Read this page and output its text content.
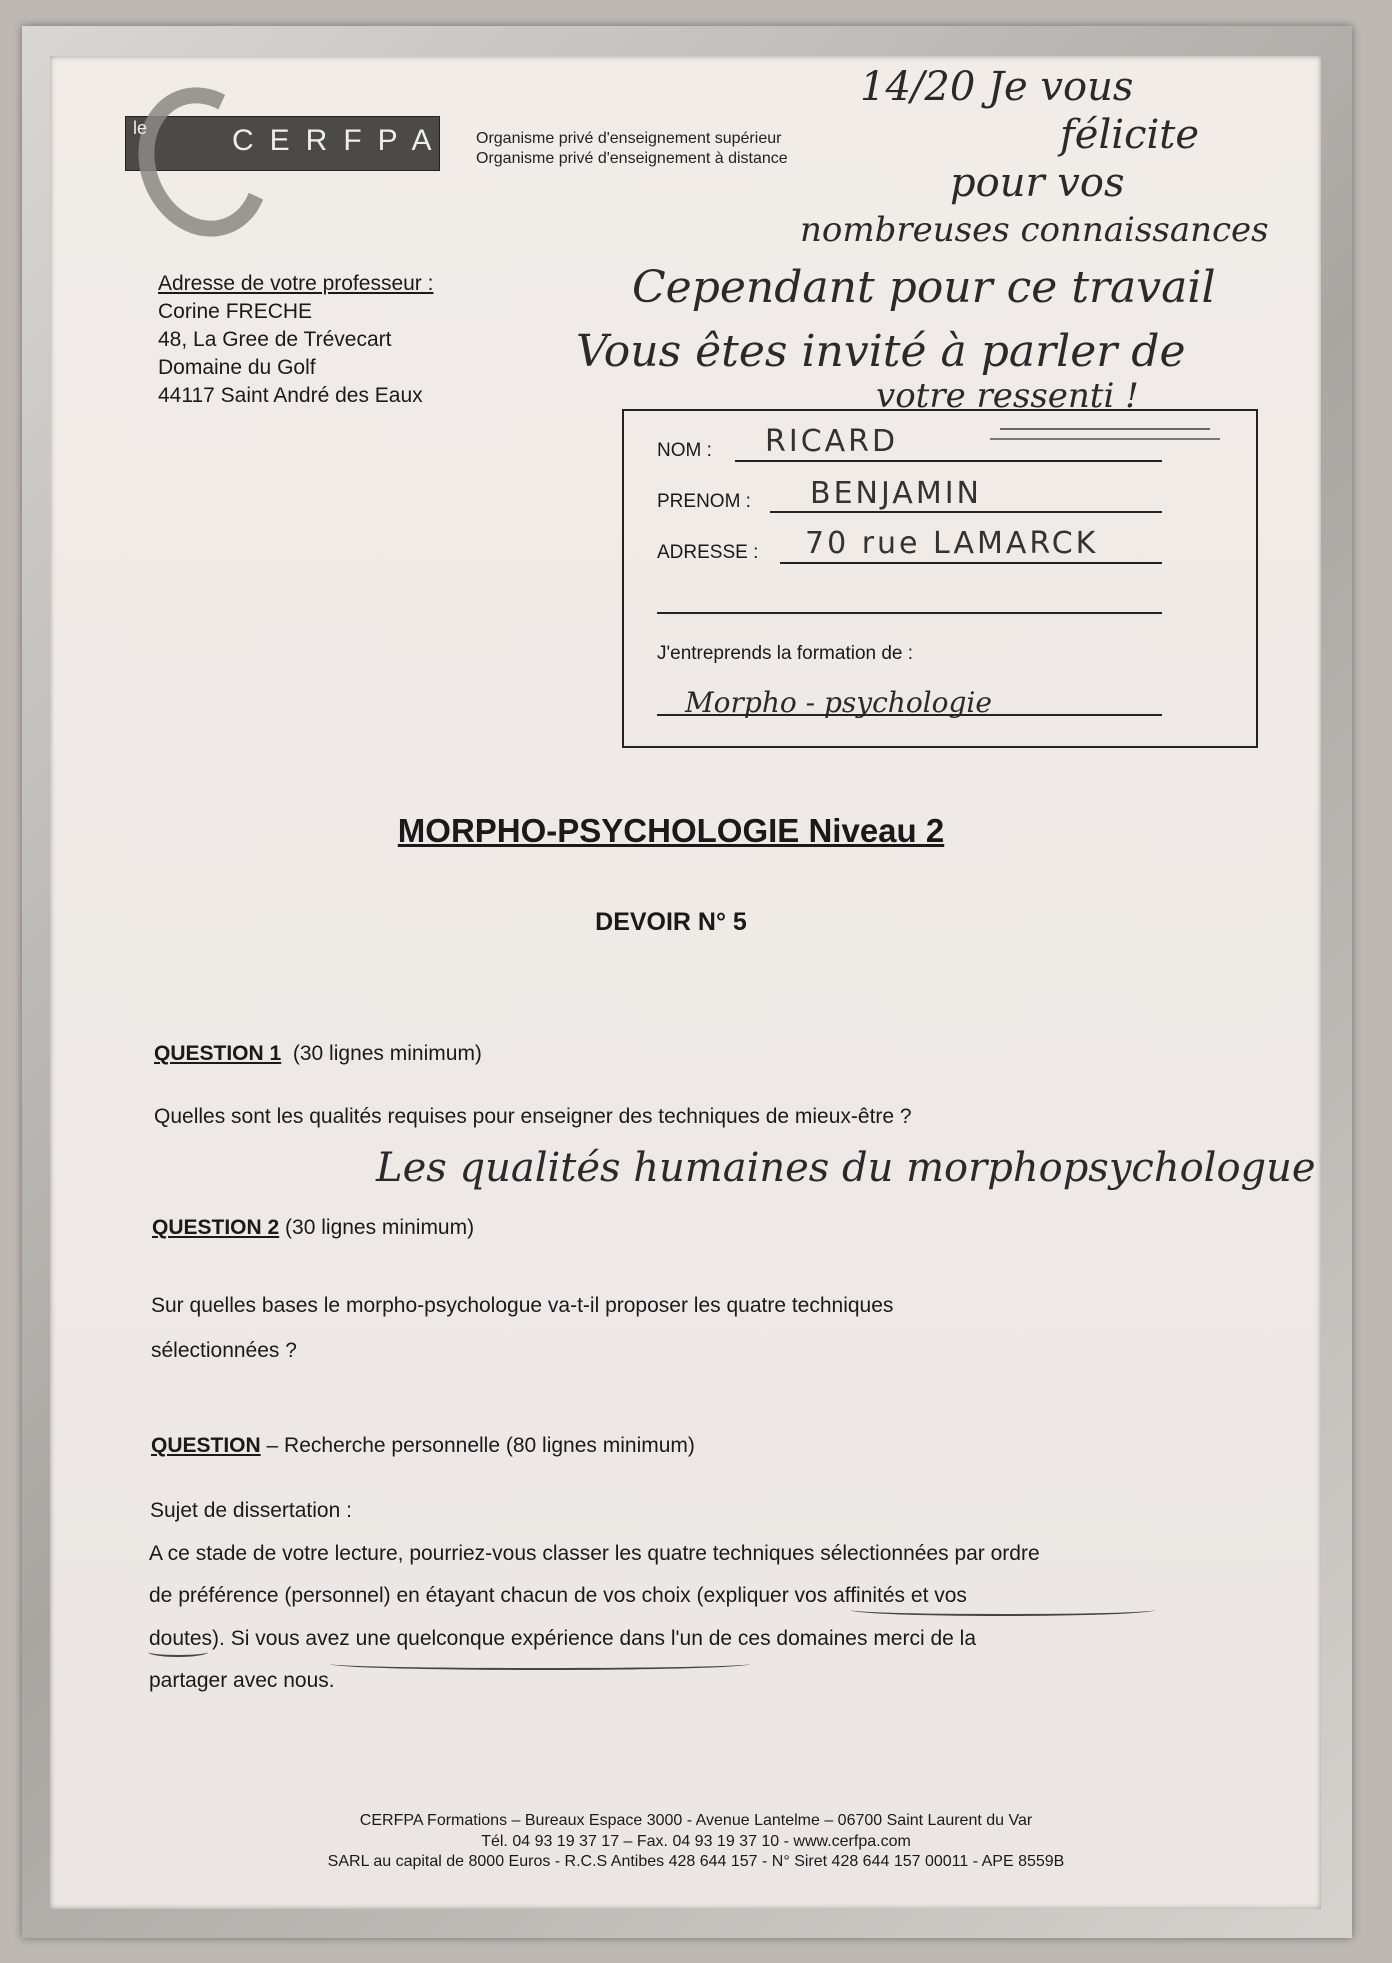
le	CERFPA Organisme privé d'enseignement supérieur
Organisme privé d'enseignement à distance
Adresse de votre professeur :
Corine FRECHE
48, La Gree de Trévecart
Domaine du Golf
44117 Saint André des Eaux
14/20 Je vous
félicite
pour vos
nombreuses connaissances
Cependant pour ce travail
Vous êtes invité à parler de
votre ressenti !
NOM : RICARD
PRENOM : BENJAMIN
ADRESSE : 70 rue LAMARCK
J'entreprends la formation de :
Morpho - psychologie
MORPHO-PSYCHOLOGIE Niveau 2
DEVOIR N° 5
QUESTION 1 (30 lignes minimum)
Quelles sont les qualités requises pour enseigner des techniques de mieux-être ?
Les qualités humaines du morphopsychologue
QUESTION 2 (30 lignes minimum)
Sur quelles bases le morpho-psychologue va-t-il proposer les quatre techniques
sélectionnées ?
QUESTION – Recherche personnelle (80 lignes minimum)
Sujet de dissertation :
A ce stade de votre lecture, pourriez-vous classer les quatre techniques sélectionnées par ordre
de préférence (personnel) en étayant chacun de vos choix (expliquer vos affinités et vos
doutes). Si vous avez une quelconque expérience dans l'un de ces domaines merci de la
partager avec nous.
CERFPA Formations – Bureaux Espace 3000 - Avenue Lantelme – 06700 Saint Laurent du Var
Tél. 04 93 19 37 17 – Fax. 04 93 19 37 10 - www.cerfpa.com
SARL au capital de 8000 Euros - R.C.S Antibes 428 644 157 - N° Siret 428 644 157 00011 - APE 8559B
